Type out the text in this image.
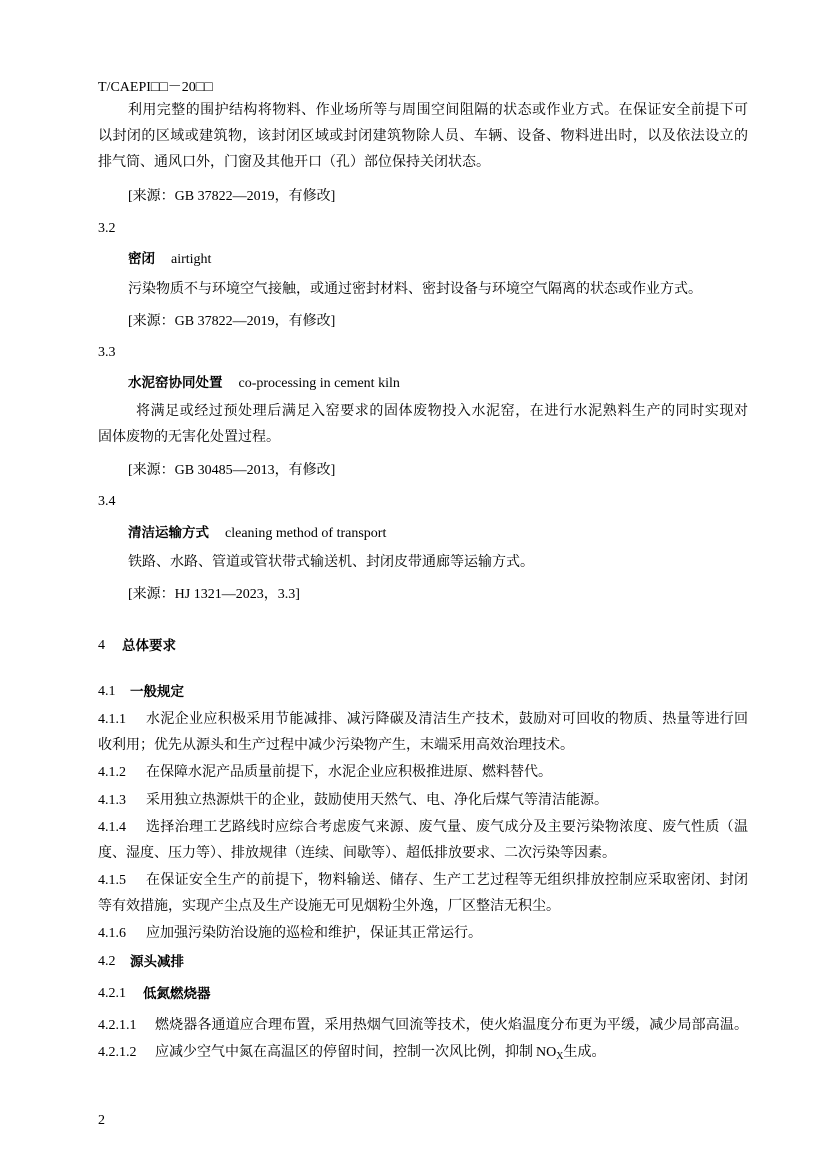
T/CAEPI□□－20□□
利用完整的围护结构将物料、作业场所等与周围空间阻隔的状态或作业方式。在保证安全前提下可
以封闭的区域或建筑物，该封闭区域或封闭建筑物除人员、车辆、设备、物料进出时，以及依法设立的
排气筒、通风口外，门窗及其他开口（孔）部位保持关闭状态。
[来源：GB 37822—2019，有修改]
3.2
密闭 airtight
污染物质不与环境空气接触，或通过密封材料、密封设备与环境空气隔离的状态或作业方式。
[来源：GB 37822—2019，有修改]
3.3
水泥窑协同处置 co-processing in cement kiln
将满足或经过预处理后满足入窑要求的固体废物投入水泥窑，在进行水泥熟料生产的同时实现对
固体废物的无害化处置过程。
[来源：GB 30485—2013，有修改]
3.4
清洁运输方式 cleaning method of transport
铁路、水路、管道或管状带式输送机、封闭皮带通廊等运输方式。
[来源：HJ 1321—2023，3.3]
4 总体要求
4.1 一般规定
4.1.1 水泥企业应积极采用节能减排、减污降碳及清洁生产技术，鼓励对可回收的物质、热量等进行回
收利用；优先从源头和生产过程中减少污染物产生，末端采用高效治理技术。
4.1.2 在保障水泥产品质量前提下，水泥企业应积极推进原、燃料替代。
4.1.3 采用独立热源烘干的企业，鼓励使用天然气、电、净化后煤气等清洁能源。
4.1.4 选择治理工艺路线时应综合考虑废气来源、废气量、废气成分及主要污染物浓度、废气性质（温
度、湿度、压力等）、排放规律（连续、间歇等）、超低排放要求、二次污染等因素。
4.1.5 在保证安全生产的前提下，物料输送、储存、生产工艺过程等无组织排放控制应采取密闭、封闭
等有效措施，实现产尘点及生产设施无可见烟粉尘外逸，厂区整洁无积尘。
4.1.6 应加强污染防治设施的巡检和维护，保证其正常运行。
4.2 源头减排
4.2.1 低氮燃烧器
4.2.1.1 燃烧器各通道应合理布置，采用热烟气回流等技术，使火焰温度分布更为平缓，减少局部高温。
4.2.1.2 应减少空气中氮在高温区的停留时间，控制一次风比例，抑制 $NO_X$生成。
2
